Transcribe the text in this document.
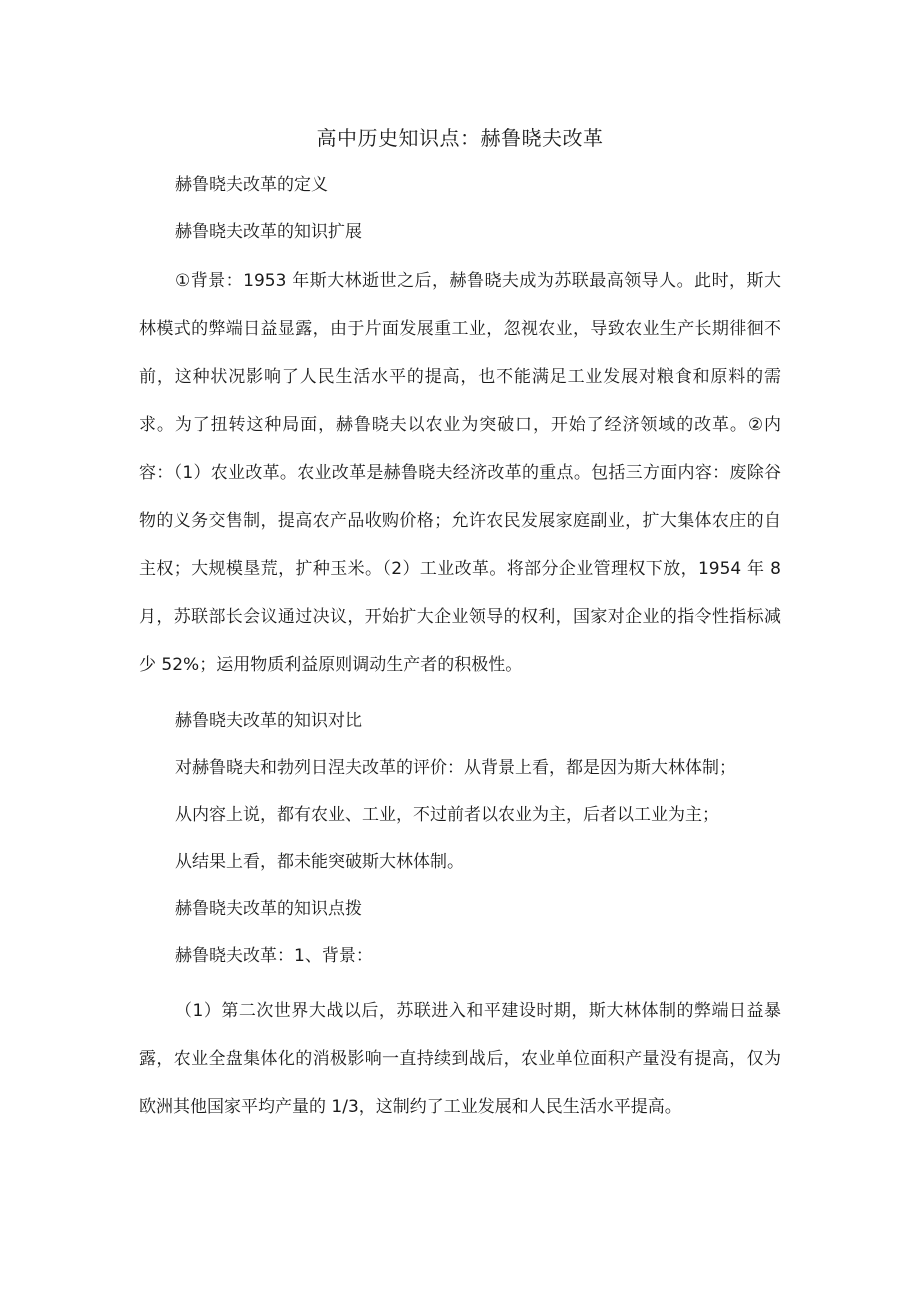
高中历史知识点：赫鲁晓夫改革

赫鲁晓夫改革的定义

赫鲁晓夫改革的知识扩展

①背景：1953 年斯大林逝世之后，赫鲁晓夫成为苏联最高领导人。此时，斯大林模式的弊端日益显露，由于片面发展重工业，忽视农业，导致农业生产长期徘徊不前，这种状况影响了人民生活水平的提高，也不能满足工业发展对粮食和原料的需求。为了扭转这种局面，赫鲁晓夫以农业为突破口，开始了经济领域的改革。②内容：（1）农业改革。农业改革是赫鲁晓夫经济改革的重点。包括三方面内容：废除谷物的义务交售制，提高农产品收购价格；允许农民发展家庭副业，扩大集体农庄的自主权；大规模垦荒，扩种玉米。（2）工业改革。将部分企业管理权下放，1954 年 8 月，苏联部长会议通过决议，开始扩大企业领导的权利，国家对企业的指令性指标减少 52%；运用物质利益原则调动生产者的积极性。

赫鲁晓夫改革的知识对比

对赫鲁晓夫和勃列日涅夫改革的评价：从背景上看，都是因为斯大林体制；

从内容上说，都有农业、工业，不过前者以农业为主，后者以工业为主；

从结果上看，都未能突破斯大林体制。

赫鲁晓夫改革的知识点拨

赫鲁晓夫改革：1、背景：

（1）第二次世界大战以后，苏联进入和平建设时期，斯大林体制的弊端日益暴露，农业全盘集体化的消极影响一直持续到战后，农业单位面积产量没有提高，仅为欧洲其他国家平均产量的 1/3，这制约了工业发展和人民生活水平提高。
